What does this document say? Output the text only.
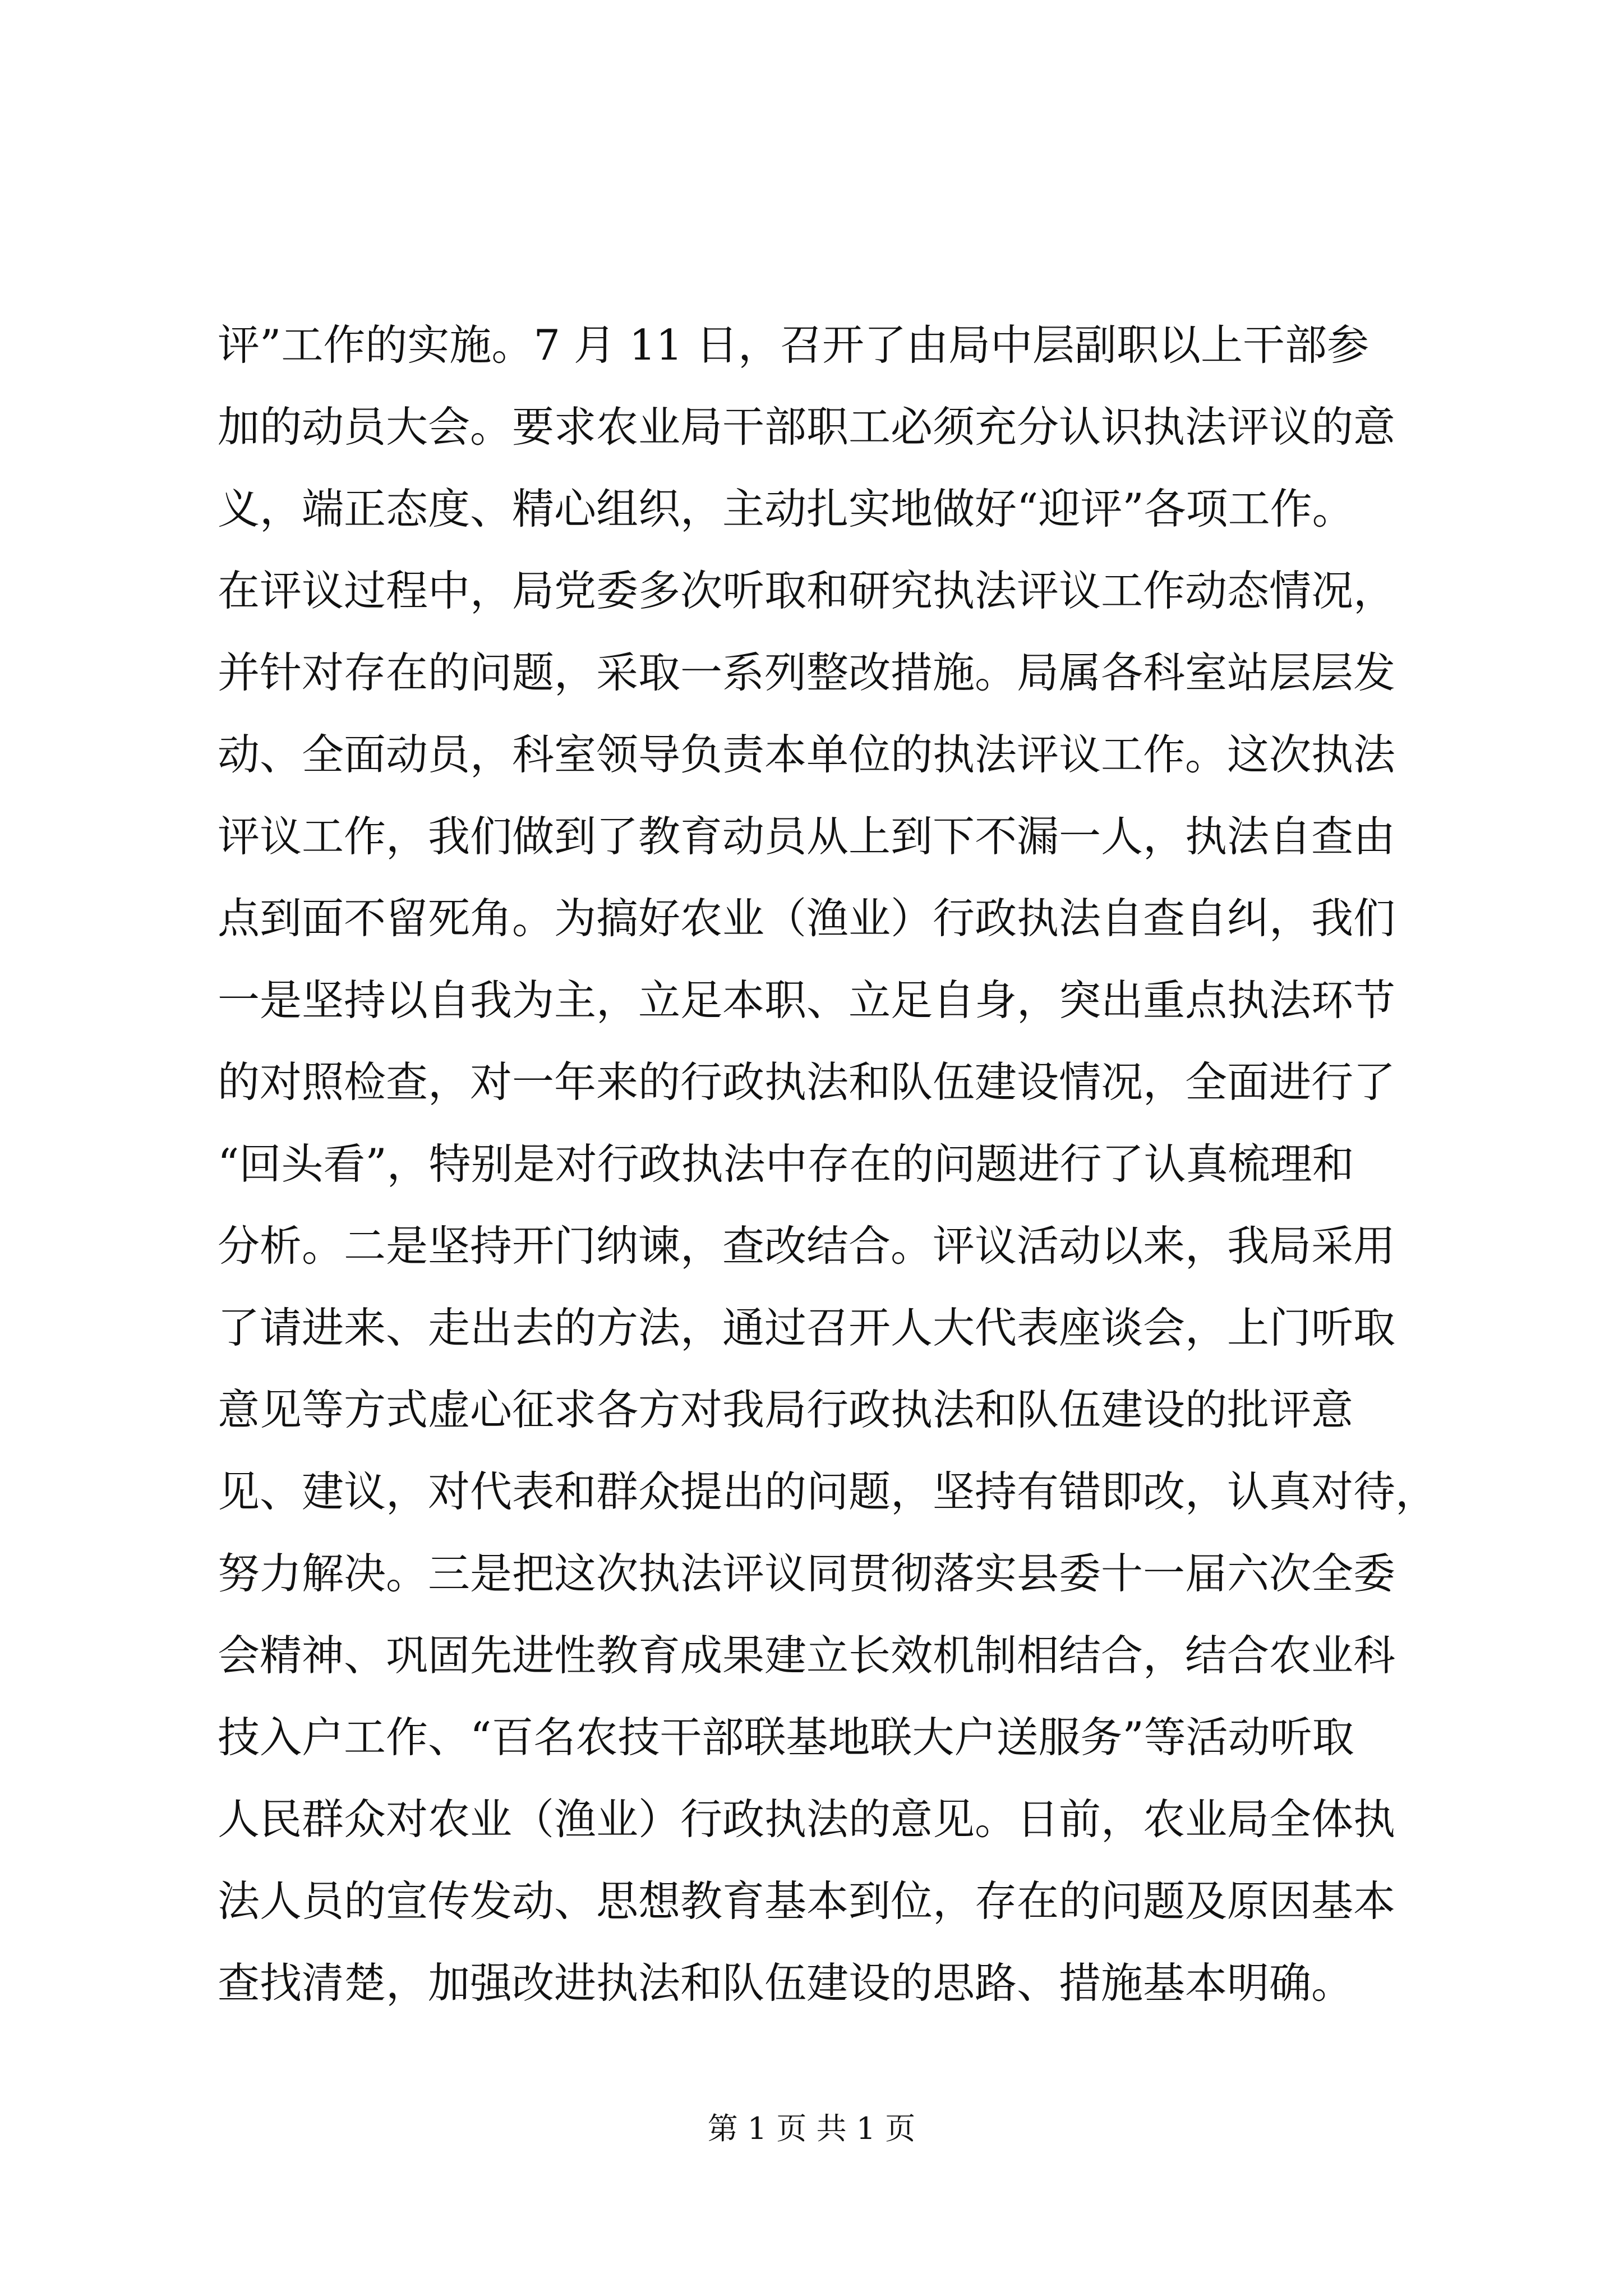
评”工作的实施。7 月 11 日，召开了由局中层副职以上干部参
加的动员大会。要求农业局干部职工必须充分认识执法评议的意
义，端正态度、精心组织，主动扎实地做好“迎评”各项工作。
在评议过程中，局党委多次听取和研究执法评议工作动态情况，
并针对存在的问题，采取一系列整改措施。局属各科室站层层发
动、全面动员，科室领导负责本单位的执法评议工作。这次执法
评议工作，我们做到了教育动员从上到下不漏一人，执法自查由
点到面不留死角。为搞好农业（渔业）行政执法自查自纠，我们
一是坚持以自我为主，立足本职、立足自身，突出重点执法环节
的对照检查，对一年来的行政执法和队伍建设情况，全面进行了
“回头看”，特别是对行政执法中存在的问题进行了认真梳理和
分析。二是坚持开门纳谏，查改结合。评议活动以来，我局采用
了请进来、走出去的方法，通过召开人大代表座谈会，上门听取
意见等方式虚心征求各方对我局行政执法和队伍建设的批评意
见、建议，对代表和群众提出的问题，坚持有错即改，认真对待，
努力解决。三是把这次执法评议同贯彻落实县委十一届六次全委
会精神、巩固先进性教育成果建立长效机制相结合，结合农业科
技入户工作、“百名农技干部联基地联大户送服务”等活动听取
人民群众对农业（渔业）行政执法的意见。日前，农业局全体执
法人员的宣传发动、思想教育基本到位，存在的问题及原因基本
查找清楚，加强改进执法和队伍建设的思路、措施基本明确。
第 1 页 共 1 页
